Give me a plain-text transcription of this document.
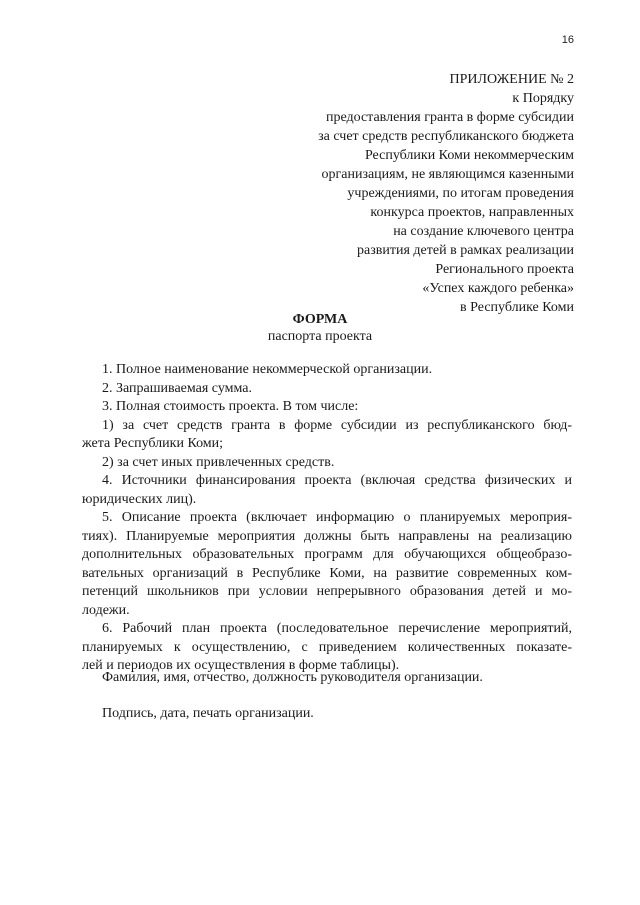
16
ПРИЛОЖЕНИЕ № 2
к Порядку
предоставления гранта в форме субсидии
за счет средств республиканского бюджета
Республики Коми некоммерческим
организациям, не являющимся казенными
учреждениями, по итогам проведения
конкурса проектов, направленных
на создание ключевого центра
развития детей в рамках реализации
Регионального проекта
«Успех каждого ребенка»
в Республике Коми
ФОРМА
паспорта проекта
1. Полное наименование некоммерческой организации.
2. Запрашиваемая сумма.
3. Полная стоимость проекта. В том числе:
1) за счет средств гранта в форме субсидии из республиканского бюд-
жета Республики Коми;
2) за счет иных привлеченных средств.
4. Источники финансирования проекта (включая средства физических и
юридических лиц).
5. Описание проекта (включает информацию о планируемых мероприя-
тиях). Планируемые мероприятия должны быть направлены на реализацию
дополнительных образовательных программ для обучающихся общеобразо-
вательных организаций в Республике Коми, на развитие современных ком-
петенций школьников при условии непрерывного образования детей и мо-
лодежи.
6. Рабочий план проекта (последовательное перечисление мероприятий,
планируемых к осуществлению, с приведением количественных показате-
лей и периодов их осуществления в форме таблицы).
Фамилия, имя, отчество, должность руководителя организации.
Подпись, дата, печать организации.
